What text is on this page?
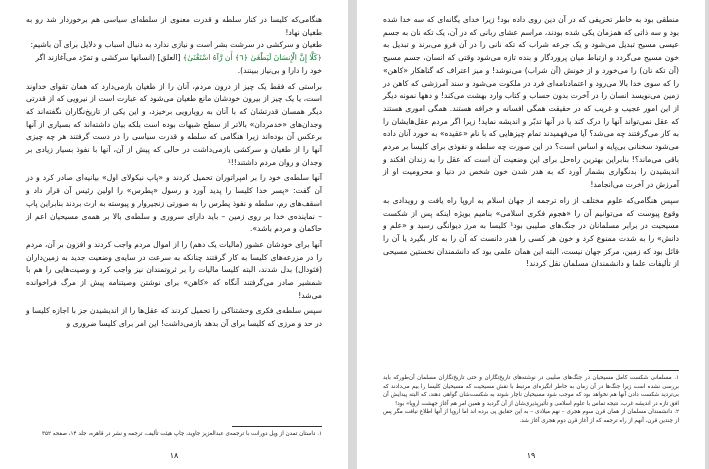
هنگامی‌که کلیسا در کنار سلطه و قدرت معنوی از سلطه‌ای سیاسی هم برخوردار شد رو به طغیان نهاد!

طغیان و سرکشی در سرشت بشر است و نیازی ندارد به دنبال اسباب و دلایل برای آن باشیم:

﴿كَلَّا إِنَّ الْإِنسَانَ لَيَطْغَىٰ ﴿٦﴾ أَن رَّآهُ اسْتَغْنَىٰ﴾ [العلق] (انسانها سرکشی و تمرّد می‌آغازند اگر

خود را دارا و بی‌نیاز ببینند).

براستی که فقط یک چیز از درون مردم، آنان را از طغیان بازمی‌دارد که همان تقوای خداوند است، یا یک چیز از بیرون خودشان مانع طغیان می‌شود که عبارت است از نیرویی که از قدرتی دیگر همسان قدرتشان که با آنان به رویارویی برخیزد، و این یکی از تاریخ‌نگاران نگفته‌اند که وجدان‌های «خدمردان» بالاتر از سطح شبهات بوده است بلکه بیان داشته‌اند که بسیاری از آنها برعکس آن بوده‌اند زیرا هنگامی که سلطه و قدرت سیاسی را در دست گرفتند هر چه چیزی آنها را از طغیان و سرکشی بازمی‌داشت در حالی که پیش از آن، آنها با نفوذ بسیار زیادی بر وجدان و روان مردم داشتند!!¹

آنها سلطه‌ی خود را بر امپراتوران تحمیل کردند و «پاپ نیکولای اول» بیانیه‌ای صادر کرد و در آن گفت: «پسر خدا کلیسا را پدید آورد و رسول «پطرس» را اولین رئیس آن قرار داد و اسقف‌های رم، سلطه و نفوذ پطرس را به صورتی زنجیروار و پیوسته به ارث بردند بنابراین پاپ – نماینده‌ی خدا بر روی زمین – باید دارای سروری و سلطه‌ی بالا بر همه‌ی مسیحیان اعم از حاکمان و مردم باشد».

آنها برای خودشان عشور (مالیات یک دهم) را از اموال مردم واجب کردند و افزون بر آن، مردم را در مزرعه‌های کلیسا به کار گرفتند چنانکه به سرعت در سایه‌ی وضعیت جدید به زمین‌داران (فئودال) بدل شدند، البته کلیسا مالیات را بر ثروتمندان نیز واجب کرد و وصیت‌هایی را هم با شمشیر صادر می‌گرفتند آنگاه که «کاهن» برای نوشتن وصیتنامه پیش از مرگ فراخوانده می‌شد!

سپس سلطه‌ی فکری وحشتناکی را تحمیل کردند که عقل‌ها را از اندیشیدن جز با اجازه کلیسا و در حد و مرزی که کلیسا برای آن بدهد بازمی‌داشت! این امر برای کلیسا ضروری و

۱. داستان تمدن از ویل دورانت با ترجمه‌ی عبدالعزیز جاوید، چاپ هیئت تألیف، ترجمه و نشر در قاهره، جلد ۱۴، صفحه ۳۵۲

۱۸

منطقی بود به خاطر تحریفی که در آن دین روی داده بود! زیرا خدای یگانه‌ای که سه خدا شده بود و سه ذاتی که همزمان یکی شده بودند، مراسم عشای ربانی که در آن، یک تکه نان به جسم عیسی مسیح تبدیل می‌شود و یک جرعه شراب که تکه نانی را در آن فرو می‌برند و تبدیل به خون مسیح می‌گردد و ارتباط میان پروردگار و بنده تازه می‌شود وقتی که انسان، جسم مسیح (آن تکه نان) را می‌خورد و از خونش (آن شراب) می‌نوشد! و میز اعتراف که گناهکار «کاهن» را که سوی خدا بالا می‌رود و اعتمادنامه‌ای فرد در ملکوت می‌شود و سند آمرزشی که کاهن در زمین می‌نویسد انسان را در آخرت بدون حساب و کتاب وارد بهشت می‌کند! و دهها نمونه دیگر از این امور عجیب و غریب که در حقیقت همگی افسانه و خرافه هستند. همگی اموری هستند که عقل نمی‌تواند آنها را درک کند یا در آنها تدبّر و اندیشه نماید! زیرا اگر مردم عقل‌هایشان را به کار می‌گرفتند چه می‌شد؟ آیا می‌فهمیدند تمام چیزهایی که با نام «عقیده» به خورد آنان داده می‌شود سخنانی بی‌پایه و اساس است؟ در این صورت چه سلطه و نفوذی برای کلیسا بر مردم باقی می‌ماند؟! بنابراین بهترین راه‌حل برای این وضعیت آن است که عقل را به زندان افکند و اندیشیدن را بدنگواری بشمار آورد که به هدر شدن خون شخص در دنیا و محرومیت او از آمرزش در آخرت می‌انجامد!

سپس هنگامی‌که علوم مختلف از راه ترجمه از جهان اسلام به اروپا راه یافت و رویدادی به وقوع پیوست که می‌توانیم آن را «هجوم فکری اسلامی» بنامیم بویژه اینکه پس از شکست مسیحیت در برابر مسلمانان در جنگ‌های صلیبی بود¹ کلیسا به مرز دیوانگی رسید و «علم و دانش» را به شدت ممنوع کرد و خون هر کسی را هدر دانست که آن را به کار بگیرد یا آن را قائل بود که زمین، مرکز جهان نیست، البته این همان علمی بود که دانشمندان نخستین مسیحی از تألیفات علما و دانشمندان مسلمان نقل کردند!

۱. مسلمانی شکست کامل مسیحیان در جنگ‌های صلیبی در نوشته‌های تاریخ‌نگاران و حتی تاریخ‌نگاران مسلمان آن‌طورکه باید بررسی نشده است زیرا جنگ‌ها در آن زمان به خاطر انگیزه‌ای مرتبط با نقش مسیحیت که مسیحیان کلیسا را بیم می‌دادند که بی‌تردید شکست دادن آنها هم نخواهد بود که موجب شود مسیحیان ناچار شوند به شکست‌شان گواهی دهند، که البته پیدایش آن افق تازه در اندیشه غرب، نتیجه تماس با علوم اسلامی و تأثیرپذیری‌شان از آن گردید و همین امر هم آغاز جهشت اروپا» بود!

۲. دانشمندان مسلمان از همان قرن سوم هجری – نهم میلادی – به این حقایق پی برده اند اما اروپا از آنها اطلاع نیافت مگر پس از چندین قرن، آنهم از راه ترجمه که از آغاز قرن دوم هجری آغاز شد.

۱۹
